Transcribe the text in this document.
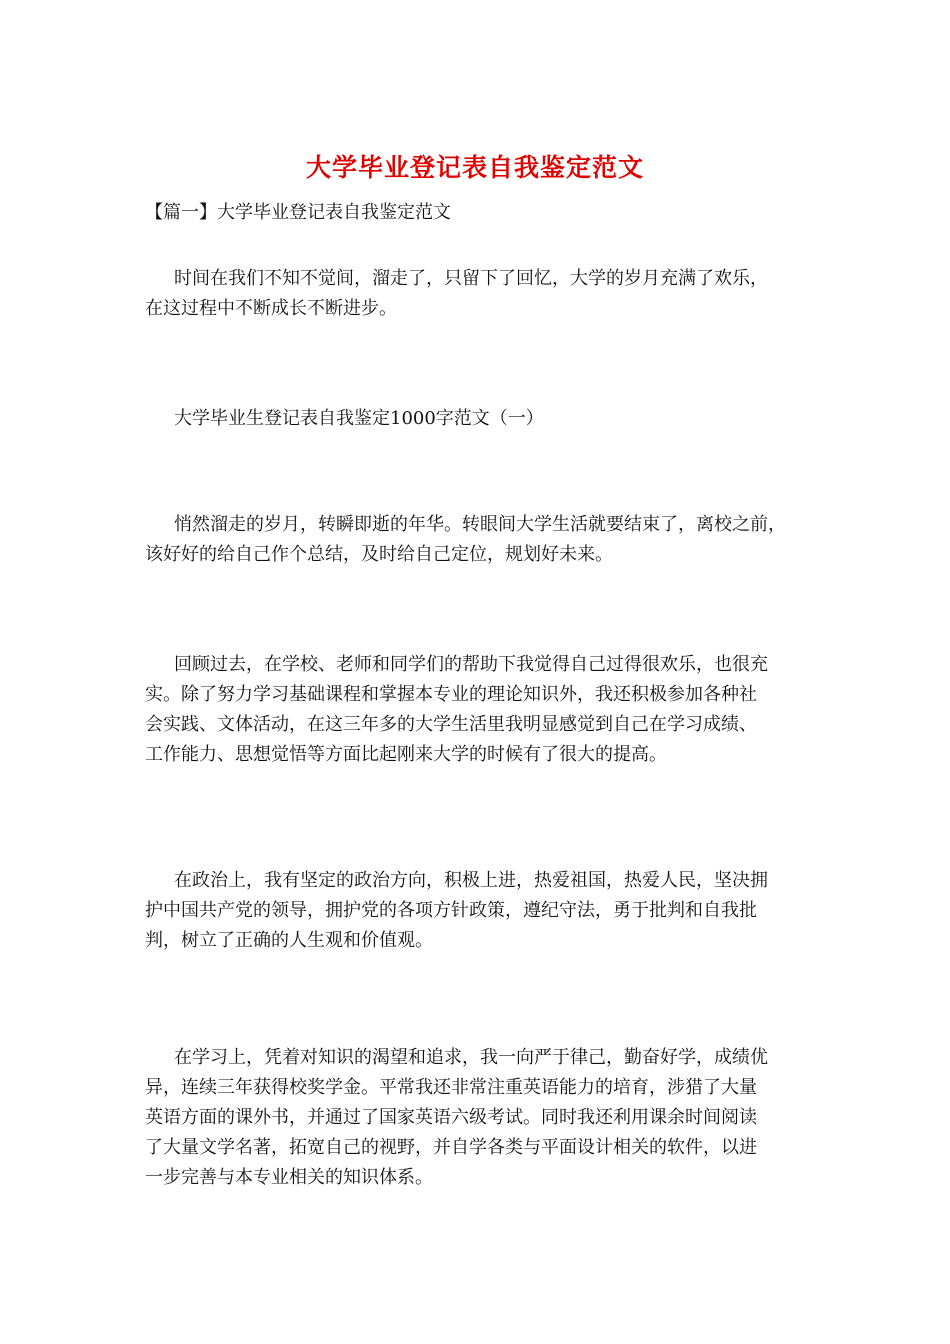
大学毕业登记表自我鉴定范文
【篇一】大学毕业登记表自我鉴定范文
时间在我们不知不觉间，溜走了，只留下了回忆，大学的岁月充满了欢乐，
在这过程中不断成长不断进步。
大学毕业生登记表自我鉴定1000字范文（一）
悄然溜走的岁月，转瞬即逝的年华。转眼间大学生活就要结束了，离校之前，
该好好的给自己作个总结，及时给自己定位，规划好未来。
回顾过去，在学校、老师和同学们的帮助下我觉得自己过得很欢乐，也很充
实。除了努力学习基础课程和掌握本专业的理论知识外，我还积极参加各种社
会实践、文体活动，在这三年多的大学生活里我明显感觉到自己在学习成绩、
工作能力、思想觉悟等方面比起刚来大学的时候有了很大的提高。
在政治上，我有坚定的政治方向，积极上进，热爱祖国，热爱人民，坚决拥
护中国共产党的领导，拥护党的各项方针政策，遵纪守法，勇于批判和自我批
判，树立了正确的人生观和价值观。
在学习上，凭着对知识的渴望和追求，我一向严于律己，勤奋好学，成绩优
异，连续三年获得校奖学金。平常我还非常注重英语能力的培育，涉猎了大量
英语方面的课外书，并通过了国家英语六级考试。同时我还利用课余时间阅读
了大量文学名著，拓宽自己的视野，并自学各类与平面设计相关的软件，以进
一步完善与本专业相关的知识体系。
